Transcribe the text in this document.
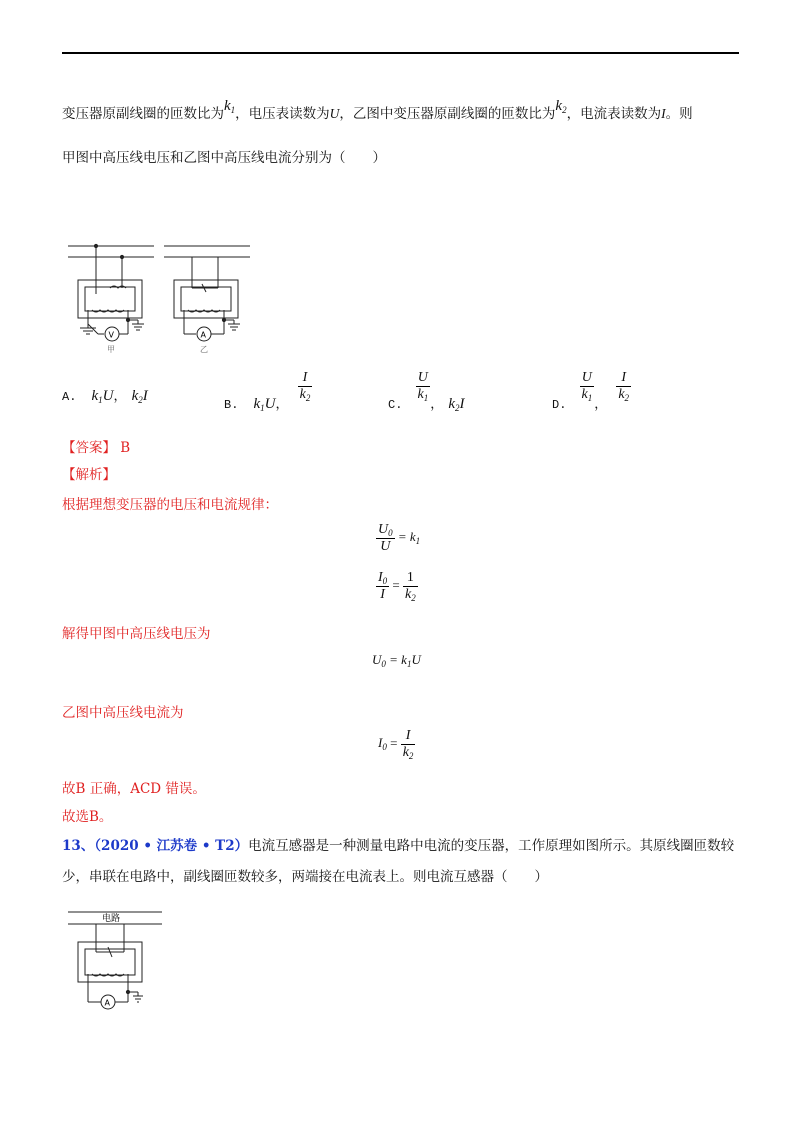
变压器原副线圈的匝数比为$k_1$，电压表读数为U，乙图中变压器原副线圈的匝数比为$k_2$，电流表读数为I。则
甲图中高压线电压和乙图中高压线电流分别为（　　）
V	A
甲	乙
A. $k_1U$， $k_2I$
$_{B.}$ $k_1U_,$
$\frac{I}{k_2}$
$_{C.}$
$\frac{U}{k_1}$
$_,$ $k_2I$	$_{D.}$
$\frac{U}{k_1}$
$_,$
$\frac{I}{k_2}$
【答案】 B
【解析】
根据理想变压器的电压和电流规律：
$\frac{U_0}{U} = k_1$
$\frac{I_0}{I} = \frac{1}{k_2}$
解得甲图中高压线电压为
$U_0 = k_1U$
乙图中高压线电流为
$I_0 = \frac{I}{k_2}$
故B 正确，ACD 错误。
故选B。
13、（2020 • 江苏卷 • T2）电流互感器是一种测量电路中电流的变压器，工作原理如图所示。其原线圈匝数较
少，串联在电路中，副线圈匝数较多，两端接在电流表上。则电流互感器（　　）
电路
A
